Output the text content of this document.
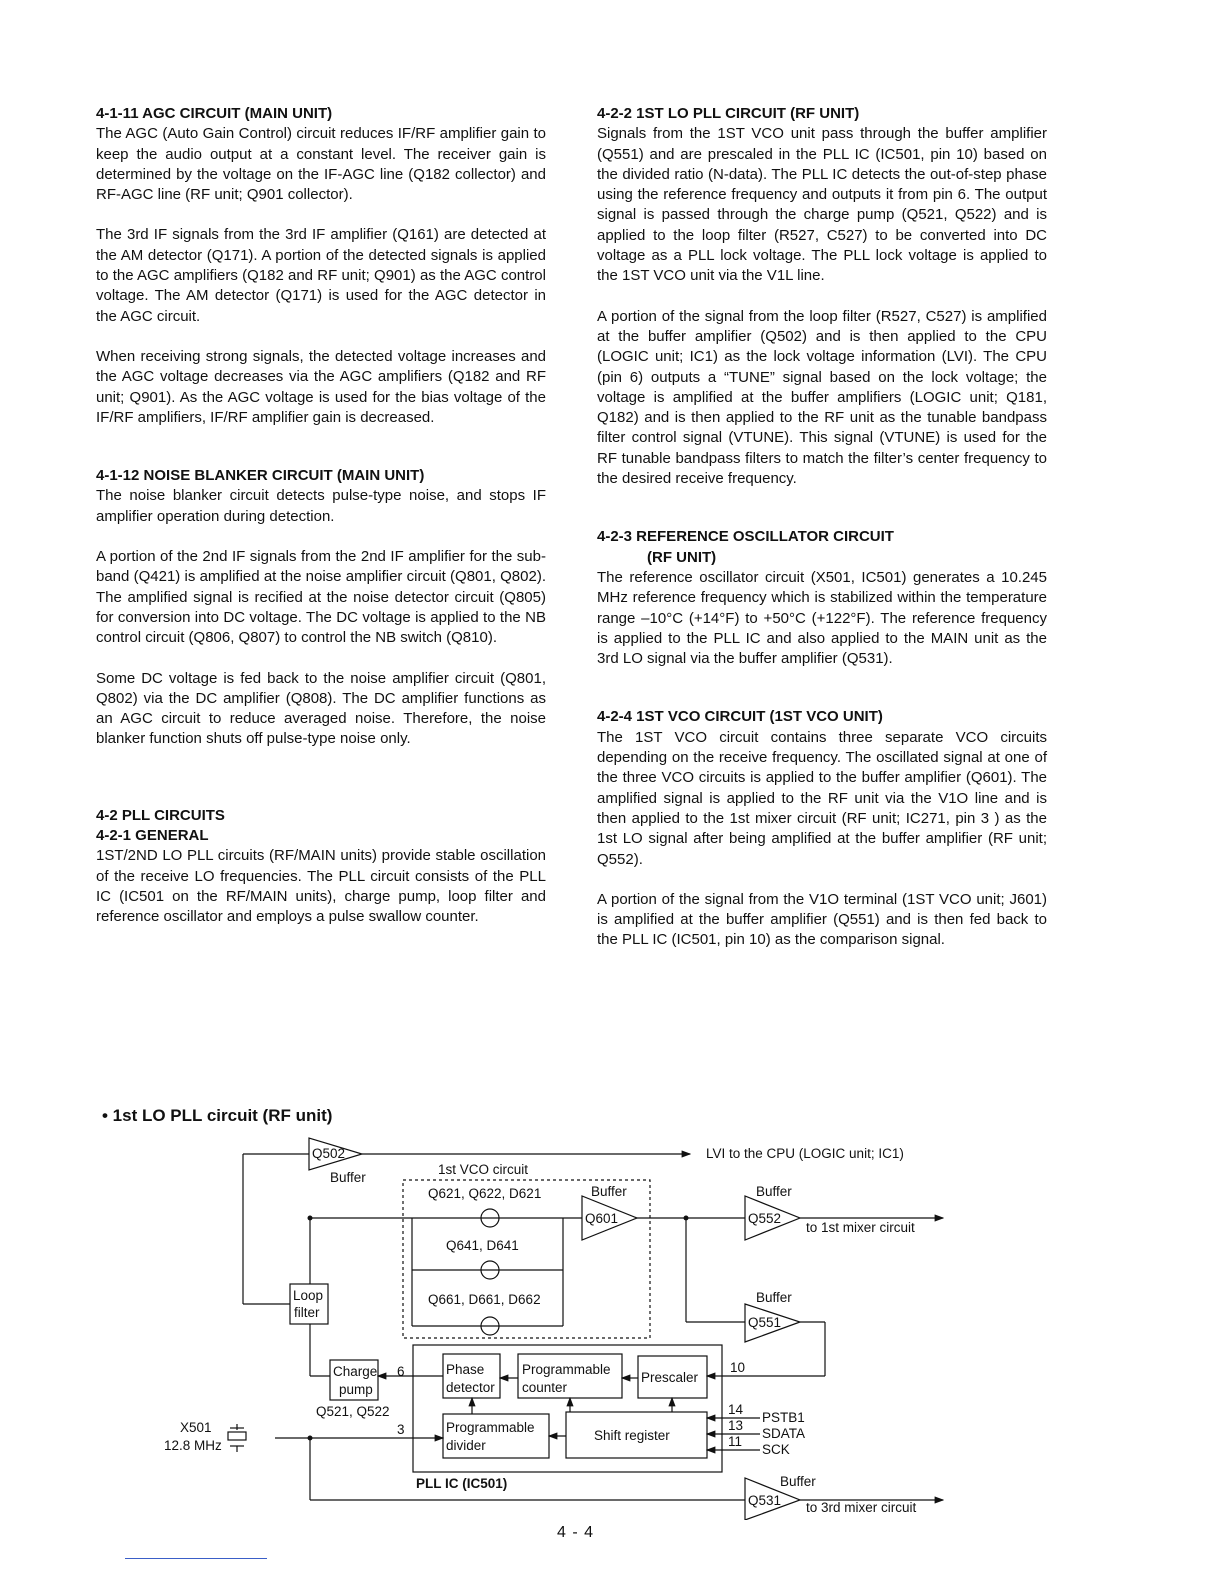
4-1-11 AGC CIRCUIT (MAIN UNIT)

The AGC (Auto Gain Control) circuit reduces IF/RF amplifier gain to keep the audio output at a constant level. The receiver gain is determined by the voltage on the IF-AGC line (Q182 collector) and RF-AGC line (RF unit; Q901 collector).

The 3rd IF signals from the 3rd IF amplifier (Q161) are detected at the AM detector (Q171). A portion of the detected signals is applied to the AGC amplifiers (Q182 and RF unit; Q901) as the AGC control voltage. The AM detector (Q171) is used for the AGC detector in the AGC circuit.

When receiving strong signals, the detected voltage increases and the AGC voltage decreases via the AGC amplifiers (Q182 and RF unit; Q901). As the AGC voltage is used for the bias voltage of the IF/RF amplifiers, IF/RF amplifier gain is decreased.

4-1-12 NOISE BLANKER CIRCUIT (MAIN UNIT)

The noise blanker circuit detects pulse-type noise, and stops IF amplifier operation during detection.

A portion of the 2nd IF signals from the 2nd IF amplifier for the sub-band (Q421) is amplified at the noise amplifier circuit (Q801, Q802). The amplified signal is recified at the noise detector circuit (Q805) for conversion into DC voltage. The DC voltage is applied to the NB control circuit (Q806, Q807) to control the NB switch (Q810).

Some DC voltage is fed back to the noise amplifier circuit (Q801, Q802) via the DC amplifier (Q808). The DC amplifier functions as an AGC circuit to reduce averaged noise. Therefore, the noise blanker function shuts off pulse-type noise only.

4-2 PLL CIRCUITS

4-2-1 GENERAL

1ST/2ND LO PLL circuits (RF/MAIN units) provide stable oscillation of the receive LO frequencies. The PLL circuit consists of the PLL IC (IC501 on the RF/MAIN units), charge pump, loop filter and reference oscillator and employs a pulse swallow counter.

4-2-2 1ST LO PLL CIRCUIT (RF UNIT)

Signals from the 1ST VCO unit pass through the buffer amplifier (Q551) and are prescaled in the PLL IC (IC501, pin 10) based on the divided ratio (N-data). The PLL IC detects the out-of-step phase using the reference frequency and outputs it from pin 6. The output signal is passed through the charge pump (Q521, Q522) and is applied to the loop filter (R527, C527) to be converted into DC voltage as a PLL lock voltage. The PLL lock voltage is applied to the 1ST VCO unit via the V1L line.

A portion of the signal from the loop filter (R527, C527) is amplified at the buffer amplifier (Q502) and is then applied to the CPU (LOGIC unit; IC1) as the lock voltage information (LVI). The CPU (pin 6) outputs a “TUNE” signal based on the lock voltage; the voltage is amplified at the buffer amplifiers (LOGIC unit; Q181, Q182) and is then applied to the RF unit as the tunable bandpass filter control signal (VTUNE). This signal (VTUNE) is used for the RF tunable bandpass filters to match the filter’s center frequency to the desired receive frequency.

4-2-3 REFERENCE OSCILLATOR CIRCUIT

(RF UNIT)

The reference oscillator circuit (X501, IC501) generates a 10.245 MHz reference frequency which is stabilized within the temperature range –10°C (+14°F) to +50°C (+122°F). The reference frequency is applied to the PLL IC and also applied to the MAIN unit as the 3rd LO signal via the buffer amplifier (Q531).

4-2-4 1ST VCO CIRCUIT (1ST VCO UNIT)

The 1ST VCO circuit contains three separate VCO circuits depending on the receive frequency. The oscillated signal at one of the three VCO circuits is applied to the buffer amplifier (Q601). The amplified signal is applied to the RF unit via the V1O line and is then applied to the 1st mixer circuit (RF unit; IC271, pin 3 ) as the 1st LO signal after being amplified at the buffer amplifier (RF unit; Q552).

A portion of the signal from the V1O terminal (1ST VCO unit; J601) is amplified at the buffer amplifier (Q551) and is then fed back to the PLL IC (IC501, pin 10) as the comparison signal.

• 1st LO PLL circuit (RF unit)
Q502
Buffer
LVI to the CPU (LOGIC unit; IC1)
1st VCO circuit
Q621, Q622, D621
Q641, D641
Q661, D661, D662
Buffer
Q601
Buffer
Q552
to 1st mixer circuit
Loop
filter
Buffer
Q551
Charge
pump
Q521, Q522
6
3
10
Phase
detector
Programmable
counter
Prescaler
Programmable
divider
Shift register
14
13
11
PSTB1
SDATA
SCK
PLL IC (IC501)
X501
12.8 MHz
Buffer
Q531 to 3rd mixer circuit
4 - 4
